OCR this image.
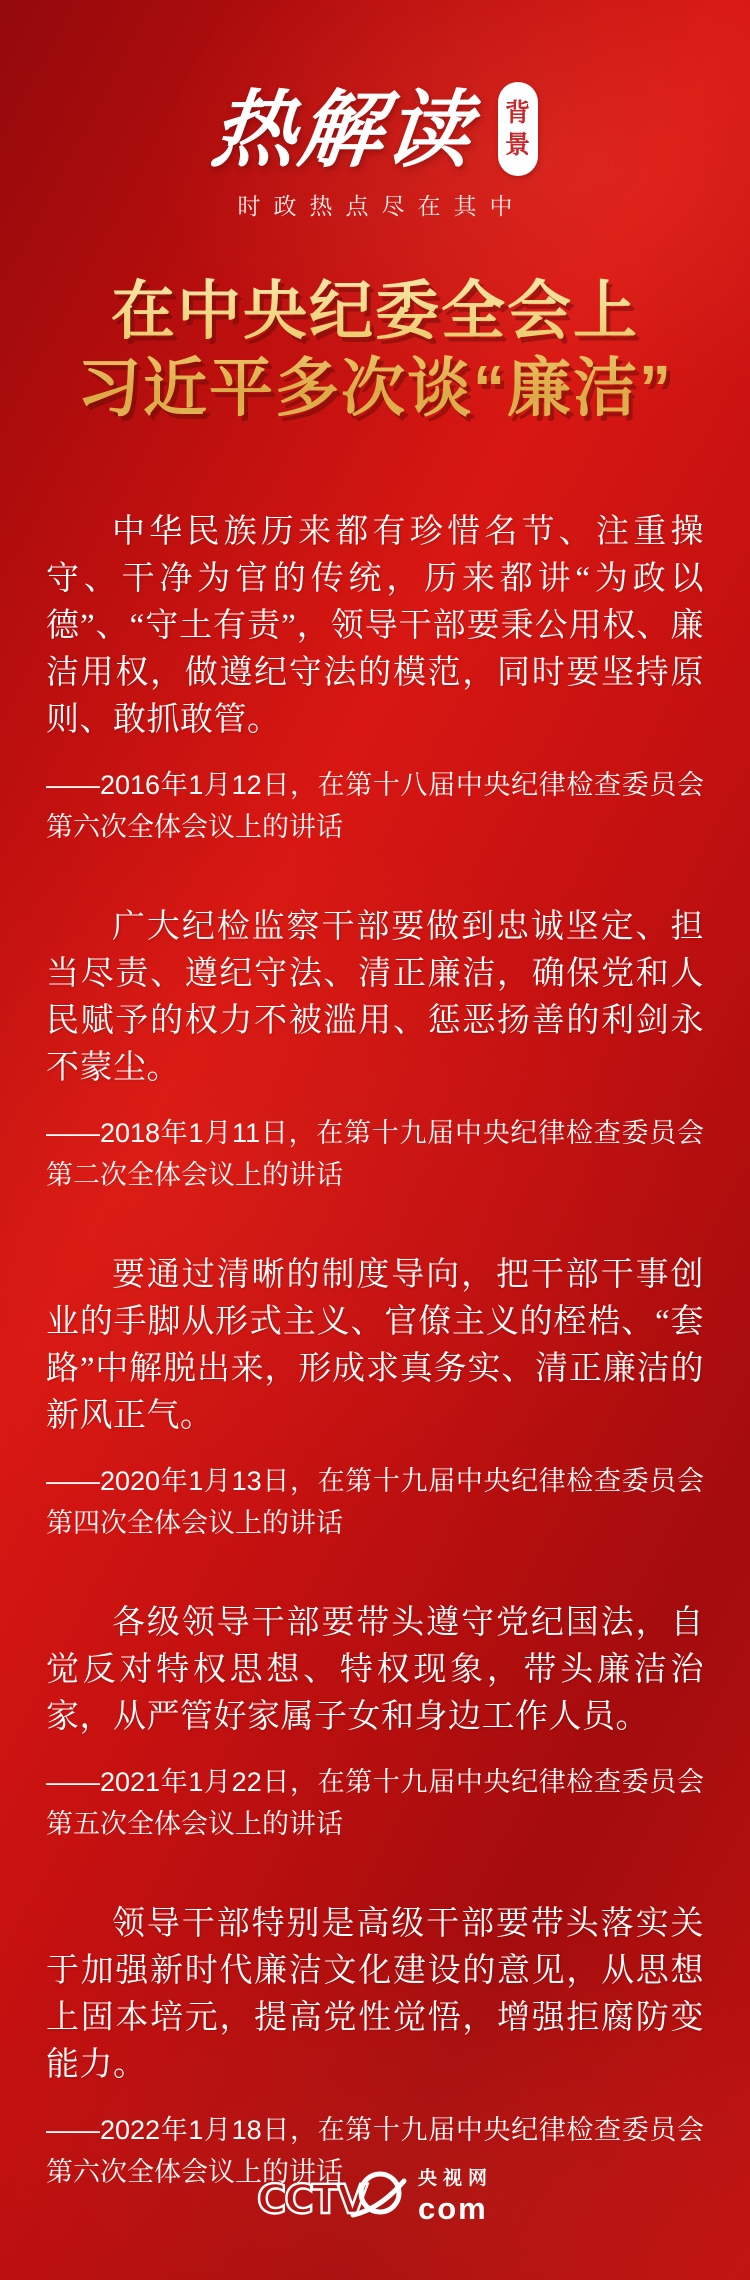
热解读 背
景
时政热点尽在其中
在中央纪委全会上
习近平多次谈“廉洁”

中华民族历来都有珍惜名节、注重操守、干净为官的传统，历来都讲“为政以德”、“守土有责”，领导干部要秉公用权、廉洁用权，做遵纪守法的模范，同时要坚持原则、敢抓敢管。

——2016年1月12日，在第十八届中央纪律检查委员会第六次全体会议上的讲话

广大纪检监察干部要做到忠诚坚定、担当尽责、遵纪守法、清正廉洁，确保党和人民赋予的权力不被滥用、惩恶扬善的利剑永不蒙尘。

——2018年1月11日，在第十九届中央纪律检查委员会第二次全体会议上的讲话

要通过清晰的制度导向，把干部干事创业的手脚从形式主义、官僚主义的桎梏、“套路”中解脱出来，形成求真务实、清正廉洁的新风正气。

——2020年1月13日，在第十九届中央纪律检查委员会第四次全体会议上的讲话

各级领导干部要带头遵守党纪国法，自觉反对特权思想、特权现象，带头廉洁治家，从严管好家属子女和身边工作人员。

——2021年1月22日，在第十九届中央纪律检查委员会第五次全体会议上的讲话

领导干部特别是高级干部要带头落实关于加强新时代廉洁文化建设的意见，从思想上固本培元，提高党性觉悟，增强拒腐防变能力。

——2022年1月18日，在第十九届中央纪律检查委员会第六次全体会议上的讲话

CCTV	央视网
com
